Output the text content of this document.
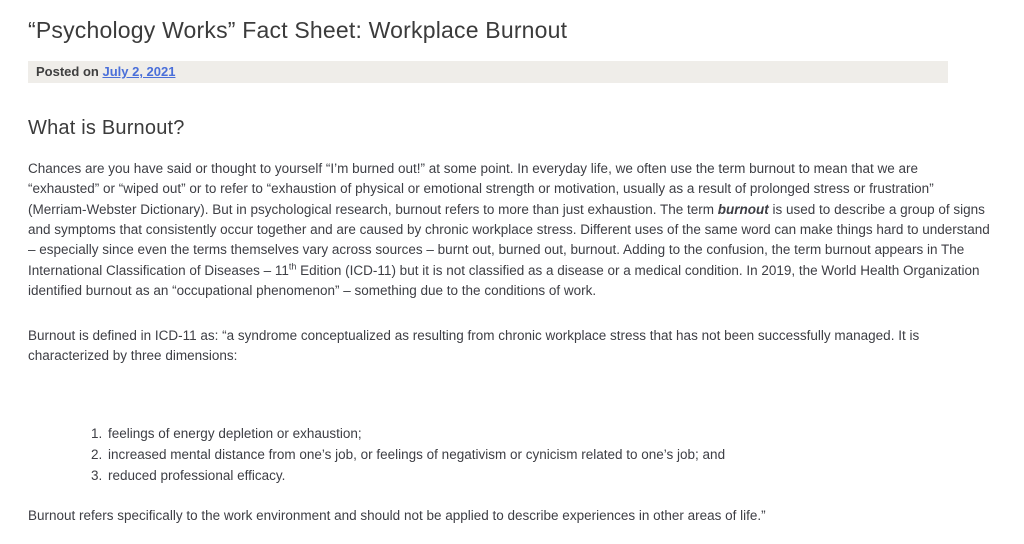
“Psychology Works” Fact Sheet: Workplace Burnout
Posted on July 2, 2021
What is Burnout?

Chances are you have said or thought to yourself “I’m burned out!” at some point. In everyday life, we often use the term burnout to mean that we are “exhausted” or “wiped out” or to refer to “exhaustion of physical or emotional strength or motivation, usually as a result of prolonged stress or frustration” (Merriam-Webster Dictionary). But in psychological research, burnout refers to more than just exhaustion. The term burnout is used to describe a group of signs and symptoms that consistently occur together and are caused by chronic workplace stress. Different uses of the same word can make things hard to understand – especially since even the terms themselves vary across sources – burnt out, burned out, burnout. Adding to the confusion, the term burnout appears in The International Classification of Diseases – 11th Edition (ICD-11) but it is not classified as a disease or a medical condition. In 2019, the World Health Organization identified burnout as an “occupational phenomenon” – something due to the conditions of work.

Burnout is defined in ICD-11 as: “a syndrome conceptualized as resulting from chronic workplace stress that has not been successfully managed. It is characterized by three dimensions:

1. feelings of energy depletion or exhaustion;
2. increased mental distance from one’s job, or feelings of negativism or cynicism related to one’s job; and
3. reduced professional efficacy.

Burnout refers specifically to the work environment and should not be applied to describe experiences in other areas of life.”
